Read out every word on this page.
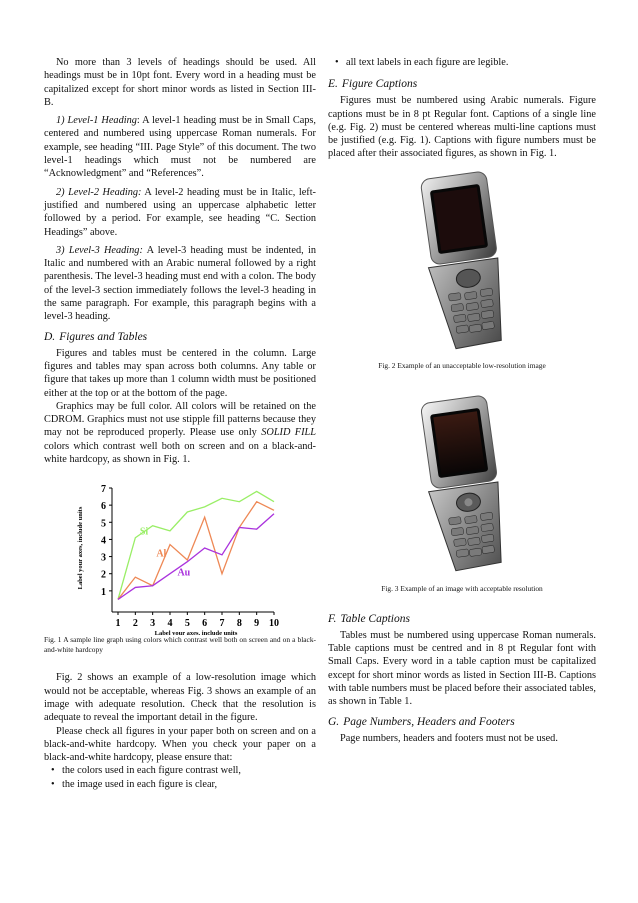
No more than 3 levels of headings should be used. All headings must be in 10pt font. Every word in a heading must be capitalized except for short minor words as listed in Section III-B.

1) Level-1 Heading: A level-1 heading must be in Small Caps, centered and numbered using uppercase Roman numerals. For example, see heading “III. Page Style” of this document. The two level-1 headings which must not be numbered are “Acknowledgment” and “References”.

2) Level-2 Heading: A level-2 heading must be in Italic, left-justified and numbered using an uppercase alphabetic letter followed by a period. For example, see heading “C. Section Headings” above.

3) Level-3 Heading: A level-3 heading must be indented, in Italic and numbered with an Arabic numeral followed by a right parenthesis. The level-3 heading must end with a colon. The body of the level-3 section immediately follows the level-3 heading in the same paragraph. For example, this paragraph begins with a level-3 heading.

D. Figures and Tables

Figures and tables must be centered in the column. Large figures and tables may span across both columns. Any table or figure that takes up more than 1 column width must be positioned either at the top or at the bottom of the page.

Graphics may be full color. All colors will be retained on the CDROM. Graphics must not use stipple fill patterns because they may not be reproduced properly. Please use only SOLID FILL colors which contrast well both on screen and on a black-and-white hardcopy, as shown in Fig. 1.

1
2
3
4
5
6
7
1 2 3 4 5 6 7 8 9 10
Label your axes, include units
Label your axes, include units	Si
Al
Au

Fig. 1 A sample line graph using colors which contrast well both on screen and on a black-and-white hardcopy

Fig. 2 shows an example of a low-resolution image which would not be acceptable, whereas Fig. 3 shows an example of an image with adequate resolution. Check that the resolution is adequate to reveal the important detail in the figure.

Please check all figures in your paper both on screen and on a black-and-white hardcopy. When you check your paper on a black-and-white hardcopy, please ensure that:

• the colors used in each figure contrast well,
• the image used in each figure is clear,
• all text labels in each figure are legible.
E. Figure Captions

Figures must be numbered using Arabic numerals. Figure captions must be in 8 pt Regular font. Captions of a single line (e.g. Fig. 2) must be centered whereas multi-line captions must be justified (e.g. Fig. 1). Captions with figure numbers must be placed after their associated figures, as shown in Fig. 1.

Fig. 2 Example of an unacceptable low-resolution image

Fig. 3 Example of an image with acceptable resolution

F. Table Captions

Tables must be numbered using uppercase Roman numerals. Table captions must be centred and in 8 pt Regular font with Small Caps. Every word in a table caption must be capitalized except for short minor words as listed in Section III-B. Captions with table numbers must be placed before their associated tables, as shown in Table 1.

G. Page Numbers, Headers and Footers

Page numbers, headers and footers must not be used.
